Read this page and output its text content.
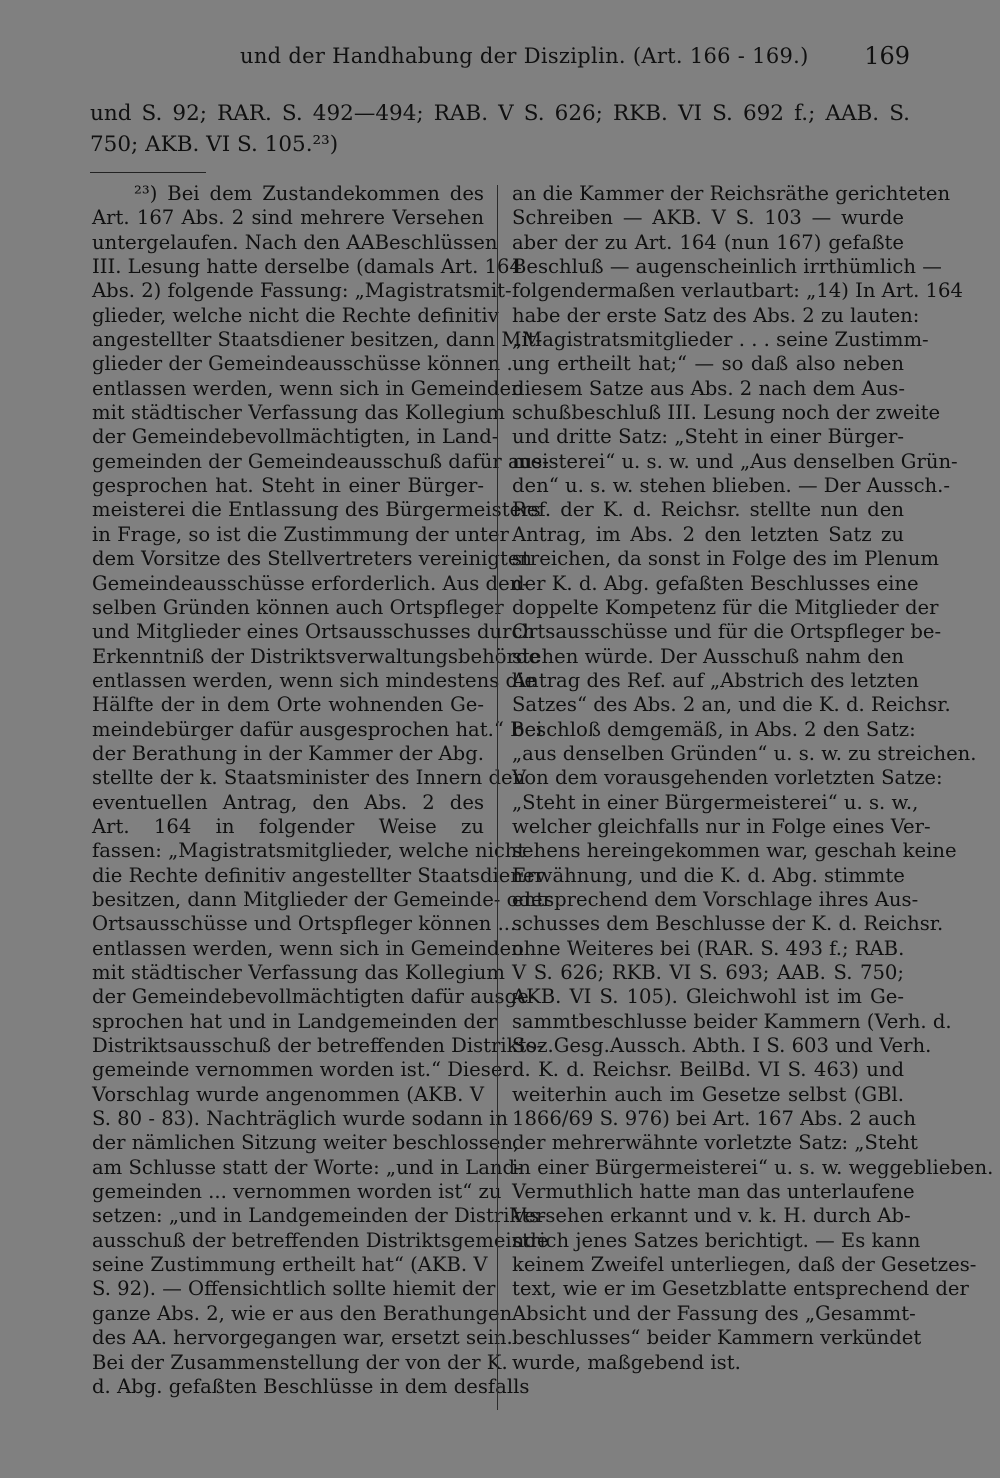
und der Handhabung der Disziplin. (Art. 166 - 169.) 169
und S. 92; RAR. S. 492—494; RAB. V S. 626; RKB. VI S. 692 f.; AAB. S. 750; AKB. VI S. 105.²³)
²³) Bei dem Zustandekommen des
Art. 167 Abs. 2 sind mehrere Versehen
untergelaufen. Nach den AABeschlüssen
III. Lesung hatte derselbe (damals Art. 164
Abs. 2) folgende Fassung: „Magistratsmit-
glieder, welche nicht die Rechte definitiv
angestellter Staatsdiener besitzen, dann Mit-
glieder der Gemeindeausschüsse können ....
entlassen werden, wenn sich in Gemeinden
mit städtischer Verfassung das Kollegium
der Gemeindebevollmächtigten, in Land-
gemeinden der Gemeindeausschuß dafür aus-
gesprochen hat. Steht in einer Bürger-
meisterei die Entlassung des Bürgermeisters
in Frage, so ist die Zustimmung der unter
dem Vorsitze des Stellvertreters vereinigten
Gemeindeausschüsse erforderlich. Aus den-
selben Gründen können auch Ortspfleger
und Mitglieder eines Ortsausschusses durch
Erkenntniß der Distriktsverwaltungsbehörde
entlassen werden, wenn sich mindestens die
Hälfte der in dem Orte wohnenden Ge-
meindebürger dafür ausgesprochen hat.“ Bei
der Berathung in der Kammer der Abg.
stellte der k. Staatsminister des Innern den
eventuellen Antrag, den Abs. 2 des
Art. 164 in folgender Weise zu
fassen: „Magistratsmitglieder, welche nicht
die Rechte definitiv angestellter Staatsdiener
besitzen, dann Mitglieder der Gemeinde- oder
Ortsausschüsse und Ortspfleger können ....
entlassen werden, wenn sich in Gemeinden
mit städtischer Verfassung das Kollegium
der Gemeindebevollmächtigten dafür ausge-
sprochen hat und in Landgemeinden der
Distriktsausschuß der betreffenden Distrikts-
gemeinde vernommen worden ist.“ Dieser
Vorschlag wurde angenommen (AKB. V
S. 80 - 83). Nachträglich wurde sodann in
der nämlichen Sitzung weiter beschlossen,
am Schlusse statt der Worte: „und in Land-
gemeinden ... vernommen worden ist“ zu
setzen: „und in Landgemeinden der Distrikts-
ausschuß der betreffenden Distriktsgemeinde
seine Zustimmung ertheilt hat“ (AKB. V
S. 92). — Offensichtlich sollte hiemit der
ganze Abs. 2, wie er aus den Berathungen
des AA. hervorgegangen war, ersetzt sein.
Bei der Zusammenstellung der von der K.
d. Abg. gefaßten Beschlüsse in dem desfalls
an die Kammer der Reichsräthe gerichteten
Schreiben — AKB. V S. 103 — wurde
aber der zu Art. 164 (nun 167) gefaßte
Beschluß — augenscheinlich irrthümlich —
folgendermaßen verlautbart: „14) In Art. 164
habe der erste Satz des Abs. 2 zu lauten:
„Magistratsmitglieder . . . seine Zustimm-
ung ertheilt hat;“ — so daß also neben
diesem Satze aus Abs. 2 nach dem Aus-
schußbeschluß III. Lesung noch der zweite
und dritte Satz: „Steht in einer Bürger-
meisterei“ u. s. w. und „Aus denselben Grün-
den“ u. s. w. stehen blieben. — Der Aussch.-
Ref. der K. d. Reichsr. stellte nun den
Antrag, im Abs. 2 den letzten Satz zu
streichen, da sonst in Folge des im Plenum
der K. d. Abg. gefaßten Beschlusses eine
doppelte Kompetenz für die Mitglieder der
Ortsausschüsse und für die Ortspfleger be-
stehen würde. Der Ausschuß nahm den
Antrag des Ref. auf „Abstrich des letzten
Satzes“ des Abs. 2 an, und die K. d. Reichsr.
beschloß demgemäß, in Abs. 2 den Satz:
„aus denselben Gründen“ u. s. w. zu streichen.
Von dem vorausgehenden vorletzten Satze:
„Steht in einer Bürgermeisterei“ u. s. w.,
welcher gleichfalls nur in Folge eines Ver-
sehens hereingekommen war, geschah keine
Erwähnung, und die K. d. Abg. stimmte
entsprechend dem Vorschlage ihres Aus-
schusses dem Beschlusse der K. d. Reichsr.
ohne Weiteres bei (RAR. S. 493 f.; RAB.
V S. 626; RKB. VI S. 693; AAB. S. 750;
AKB. VI S. 105). Gleichwohl ist im Ge-
sammtbeschlusse beider Kammern (Verh. d.
Soz.Gesg.Aussch. Abth. I S. 603 und Verh.
d. K. d. Reichsr. BeilBd. VI S. 463) und
weiterhin auch im Gesetze selbst (GBl.
1866/69 S. 976) bei Art. 167 Abs. 2 auch
der mehrerwähnte vorletzte Satz: „Steht
in einer Bürgermeisterei“ u. s. w. weggeblieben.
Vermuthlich hatte man das unterlaufene
Versehen erkannt und v. k. H. durch Ab-
strich jenes Satzes berichtigt. — Es kann
keinem Zweifel unterliegen, daß der Gesetzes-
text, wie er im Gesetzblatte entsprechend der
Absicht und der Fassung des „Gesammt-
beschlusses“ beider Kammern verkündet
wurde, maßgebend ist.
